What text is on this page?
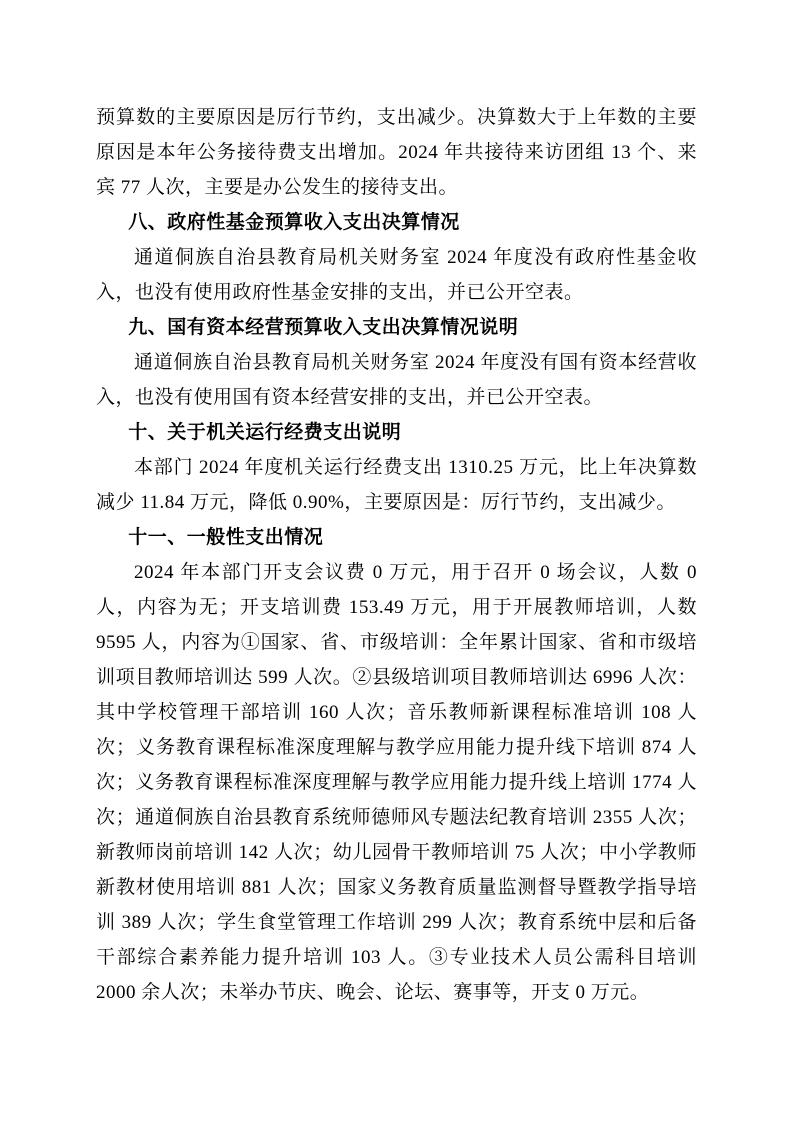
预算数的主要原因是厉行节约，支出减少。决算数大于上年数的主要原因是本年公务接待费支出增加。2024 年共接待来访团组 13 个、来宾 77 人次，主要是办公发生的接待支出。

八、政府性基金预算收入支出决算情况

通道侗族自治县教育局机关财务室 2024 年度没有政府性基金收入，也没有使用政府性基金安排的支出，并已公开空表。

九、国有资本经营预算收入支出决算情况说明

通道侗族自治县教育局机关财务室 2024 年度没有国有资本经营收入，也没有使用国有资本经营安排的支出，并已公开空表。

十、关于机关运行经费支出说明

本部门 2024 年度机关运行经费支出 1310.25 万元，比上年决算数减少 11.84 万元，降低 0.90%，主要原因是：厉行节约，支出减少。

十一、一般性支出情况

2024 年本部门开支会议费 0 万元，用于召开 0 场会议，人数 0 人，内容为无；开支培训费 153.49 万元，用于开展教师培训，人数 9595 人，内容为①国家、省、市级培训：全年累计国家、省和市级培训项目教师培训达 599 人次。②县级培训项目教师培训达 6996 人次：其中学校管理干部培训 160 人次；音乐教师新课程标准培训 108 人次；义务教育课程标准深度理解与教学应用能力提升线下培训 874 人次；义务教育课程标准深度理解与教学应用能力提升线上培训 1774 人次；通道侗族自治县教育系统师德师风专题法纪教育培训 2355 人次；新教师岗前培训 142 人次；幼儿园骨干教师培训 75 人次；中小学教师新教材使用培训 881 人次；国家义务教育质量监测督导暨教学指导培训 389 人次；学生食堂管理工作培训 299 人次；教育系统中层和后备干部综合素养能力提升培训 103 人。③专业技术人员公需科目培训 2000 余人次；未举办节庆、晚会、论坛、赛事等，开支 0 万元。
